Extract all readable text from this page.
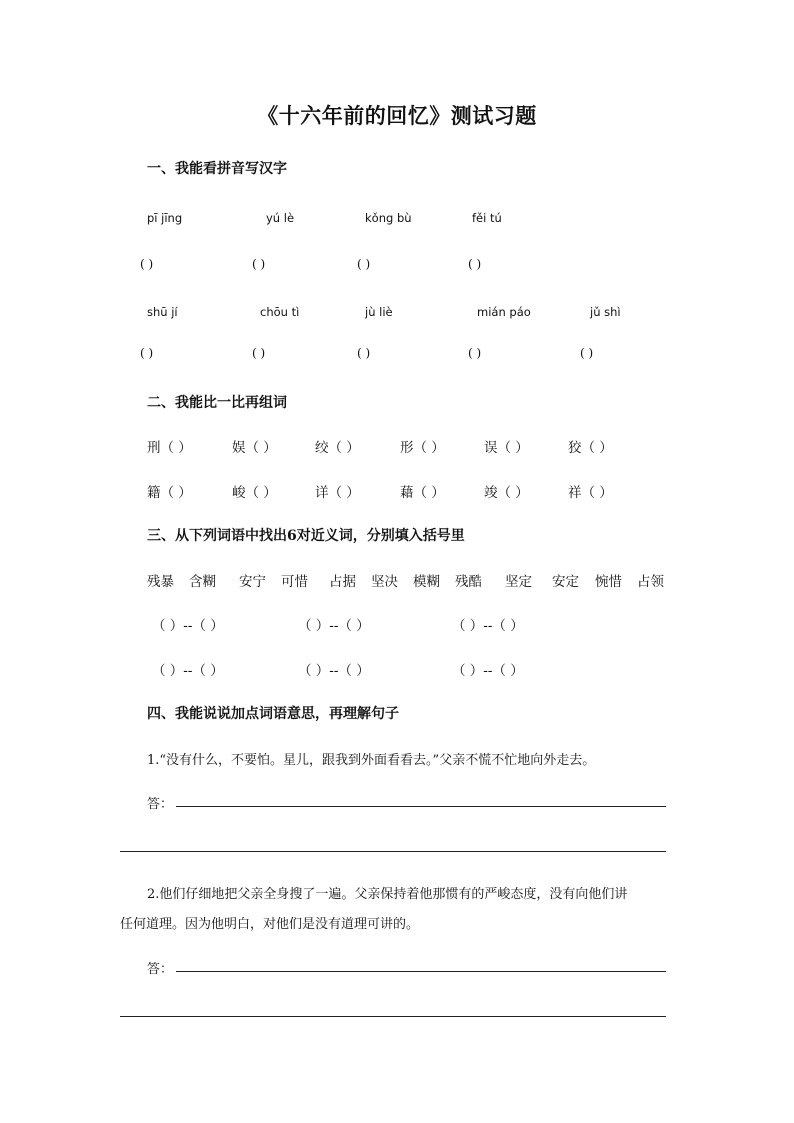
《十六年前的回忆》测试习题
一、我能看拼音写汉字
pī jīng	yú lè	kǒng bù	fěi tú
( )	( )	( )	( )
shū jí	chōu tì	jù liè	mián páo	jǔ shì
( )	( )	( )	( )	( )
二、我能比一比再组词
刑（ ）	娱（ ）	绞（ ）	形（ ）	误（ ）	狡（ ）
籍（ ）	峻（ ）	详（ ）	藉（ ）	竣（ ）	祥（ ）
三、从下列词语中找出6对近义词，分别填入括号里
残暴 含糊 安宁 可惜 占据 坚决 模糊 残酷 坚定 安定 惋惜 占领
（ ）--（ ）	（ ）--（ ）	（ ）--（ ）
（ ）--（ ）	（ ）--（ ）	（ ）--（ ）
四、我能说说加点词语意思，再理解句子
1.“没有什么，不要怕。星儿，跟我到外面看看去。”父亲不慌不忙地向外走去。
答：
2.他们仔细地把父亲全身搜了一遍。父亲保持着他那惯有的严峻态度，没有向他们讲
任何道理。因为他明白，对他们是没有道理可讲的。
答：
